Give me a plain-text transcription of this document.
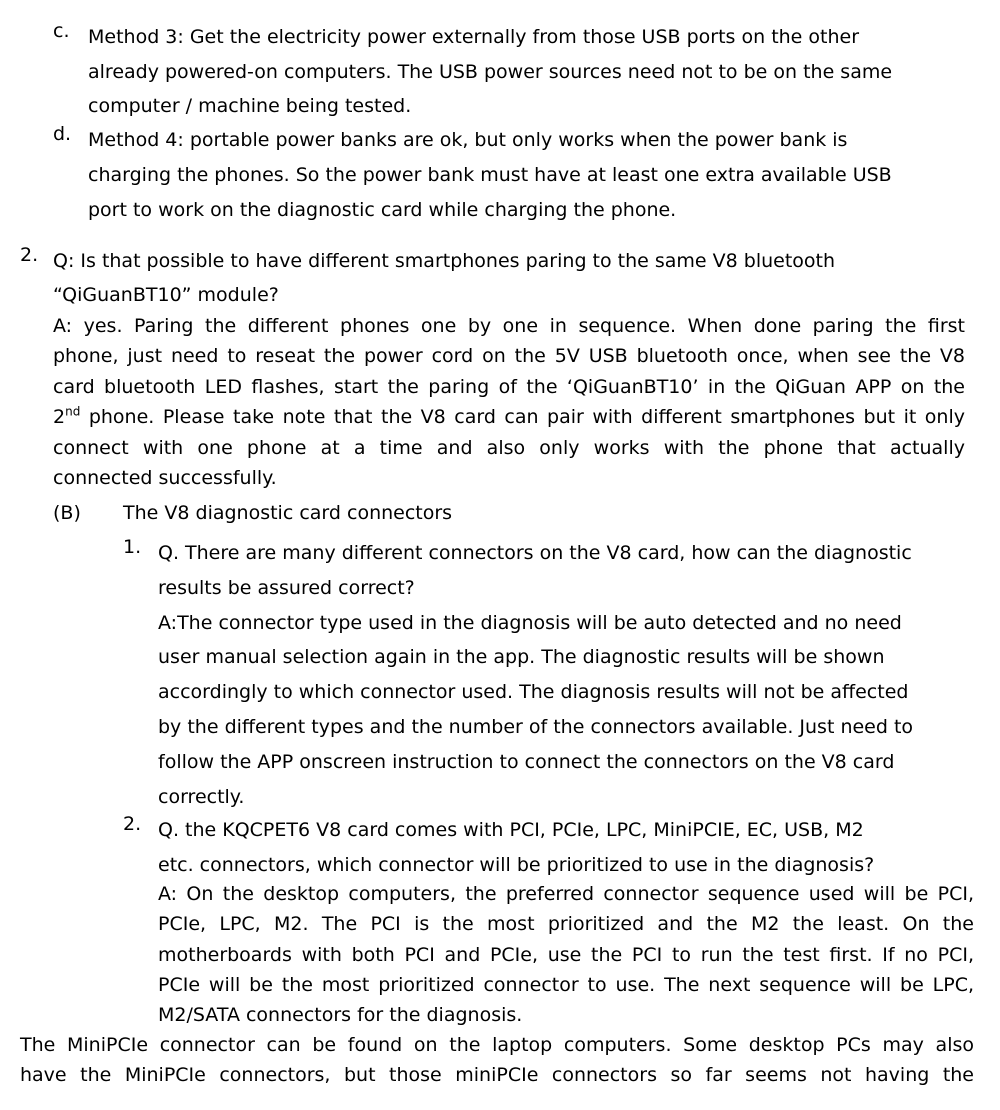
c. Method 3: Get the electricity power externally from those USB ports on the other
already powered-on computers. The USB power sources need not to be on the same
computer / machine being tested.
d. Method 4: portable power banks are ok, but only works when the power bank is
charging the phones. So the power bank must have at least one extra available USB
port to work on the diagnostic card while charging the phone.
2. Q: Is that possible to have different smartphones paring to the same V8 bluetooth
“QiGuanBT10” module?
A: yes. Paring the different phones one by one in sequence. When done paring the first
phone, just need to reseat the power cord on the 5V USB bluetooth once, when see the V8
card bluetooth LED flashes, start the paring of the ‘QiGuanBT10’ in the QiGuan APP on the
2nd phone. Please take note that the V8 card can pair with different smartphones but it only
connect with one phone at a time and also only works with the phone that actually
connected successfully.
(B) The V8 diagnostic card connectors
1. Q. There are many different connectors on the V8 card, how can the diagnostic
results be assured correct?
A:The connector type used in the diagnosis will be auto detected and no need
user manual selection again in the app. The diagnostic results will be shown
accordingly to which connector used. The diagnosis results will not be affected
by the different types and the number of the connectors available. Just need to
follow the APP onscreen instruction to connect the connectors on the V8 card
correctly.
2. Q. the KQCPET6 V8 card comes with PCI, PCIe, LPC, MiniPCIE, EC, USB, M2
etc. connectors, which connector will be prioritized to use in the diagnosis?
A: On the desktop computers, the preferred connector sequence used will be PCI,
PCIe, LPC, M2. The PCI is the most prioritized and the M2 the least. On the
motherboards with both PCI and PCIe, use the PCI to run the test first. If no PCI,
PCIe will be the most prioritized connector to use. The next sequence will be LPC,
M2/SATA connectors for the diagnosis.
The MiniPCIe connector can be found on the laptop computers. Some desktop PCs may also
have the MiniPCIe connectors, but those miniPCIe connectors so far seems not having the
